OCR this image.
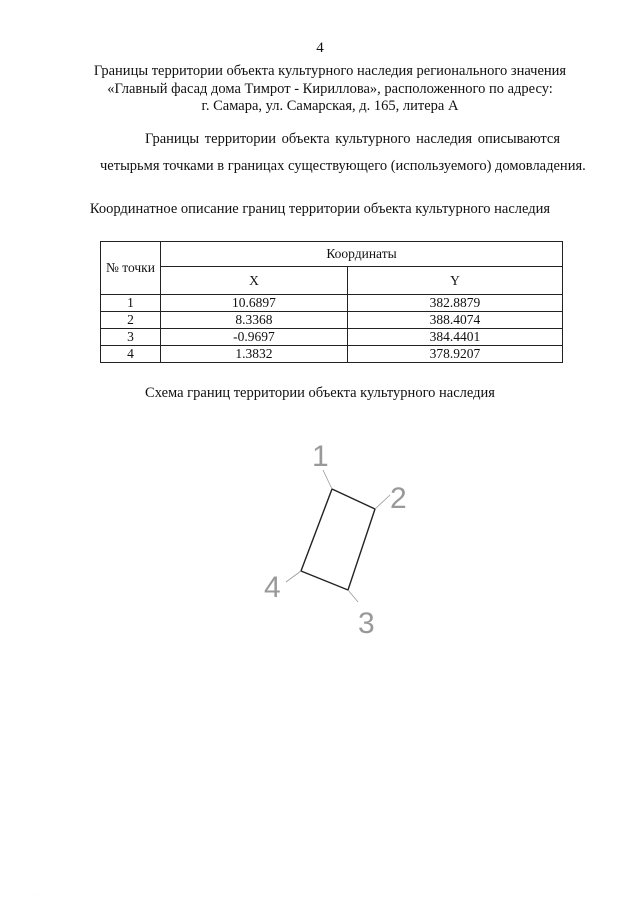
4
Границы территории объекта культурного наследия регионального значения
«Главный фасад дома Тимрот - Кириллова», расположенного по адресу:
г. Самара, ул. Самарская, д. 165, литера А
Границы территории объекта культурного наследия описываются
четырьмя точками в границах существующего (используемого) домовладения.
Координатное описание границ территории объекта культурного наследия
№ точки	Координаты	
	X	Y
1	10.6897	382.8879
2	8.3368	388.4074
3	-0.9697	384.4401
4	1.3832	378.9207
Схема границ территории объекта культурного наследия
1
2
3
4
·
